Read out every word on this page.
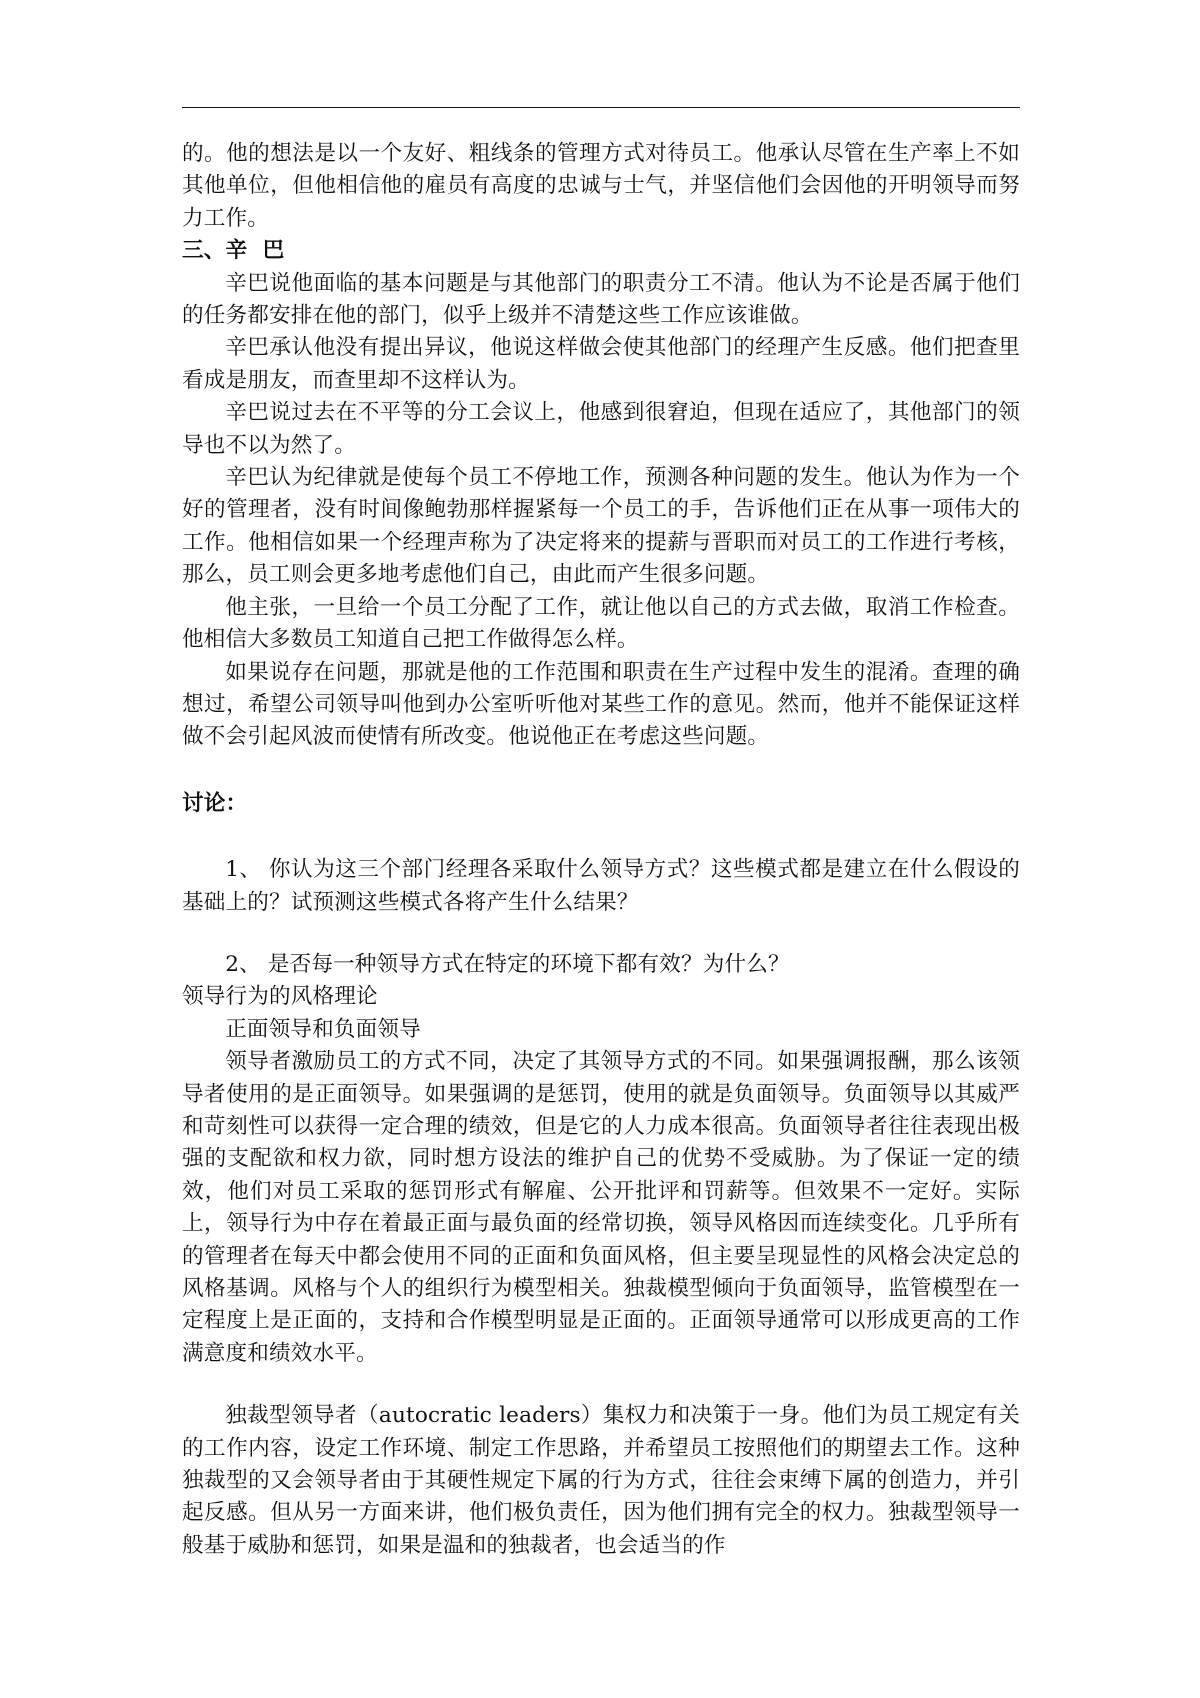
的。他的想法是以一个友好、粗线条的管理方式对待员工。他承认尽管在生产率上不如其他单位，但他相信他的雇员有高度的忠诚与士气，并坚信他们会因他的开明领导而努力工作。

三、辛  巴

辛巴说他面临的基本问题是与其他部门的职责分工不清。他认为不论是否属于他们的任务都安排在他的部门，似乎上级并不清楚这些工作应该谁做。

辛巴承认他没有提出异议，他说这样做会使其他部门的经理产生反感。他们把查里看成是朋友，而查里却不这样认为。

辛巴说过去在不平等的分工会议上，他感到很窘迫，但现在适应了，其他部门的领导也不以为然了。

辛巴认为纪律就是使每个员工不停地工作，预测各种问题的发生。他认为作为一个好的管理者，没有时间像鲍勃那样握紧每一个员工的手，告诉他们正在从事一项伟大的工作。他相信如果一个经理声称为了决定将来的提薪与晋职而对员工的工作进行考核，那么，员工则会更多地考虑他们自己，由此而产生很多问题。

他主张，一旦给一个员工分配了工作，就让他以自己的方式去做，取消工作检查。他相信大多数员工知道自己把工作做得怎么样。

如果说存在问题，那就是他的工作范围和职责在生产过程中发生的混淆。查理的确想过，希望公司领导叫他到办公室听听他对某些工作的意见。然而，他并不能保证这样做不会引起风波而使情有所改变。他说他正在考虑这些问题。

讨论：

1、 你认为这三个部门经理各采取什么领导方式？这些模式都是建立在什么假设的基础上的？试预测这些模式各将产生什么结果？

2、 是否每一种领导方式在特定的环境下都有效？为什么？

领导行为的风格理论

正面领导和负面领导

领导者激励员工的方式不同，决定了其领导方式的不同。如果强调报酬，那么该领导者使用的是正面领导。如果强调的是惩罚，使用的就是负面领导。负面领导以其威严和苛刻性可以获得一定合理的绩效，但是它的人力成本很高。负面领导者往往表现出极强的支配欲和权力欲，同时想方设法的维护自己的优势不受威胁。为了保证一定的绩效，他们对员工采取的惩罚形式有解雇、公开批评和罚薪等。但效果不一定好。实际上，领导行为中存在着最正面与最负面的经常切换，领导风格因而连续变化。几乎所有的管理者在每天中都会使用不同的正面和负面风格，但主要呈现显性的风格会决定总的风格基调。风格与个人的组织行为模型相关。独裁模型倾向于负面领导，监管模型在一定程度上是正面的，支持和合作模型明显是正面的。正面领导通常可以形成更高的工作满意度和绩效水平。

独裁型领导者（autocratic leaders）集权力和决策于一身。他们为员工规定有关的工作内容，设定工作环境、制定工作思路，并希望员工按照他们的期望去工作。这种独裁型的又会领导者由于其硬性规定下属的行为方式，往往会束缚下属的创造力，并引起反感。但从另一方面来讲，他们极负责任，因为他们拥有完全的权力。独裁型领导一般基于威胁和惩罚，如果是温和的独裁者，也会适当的作
